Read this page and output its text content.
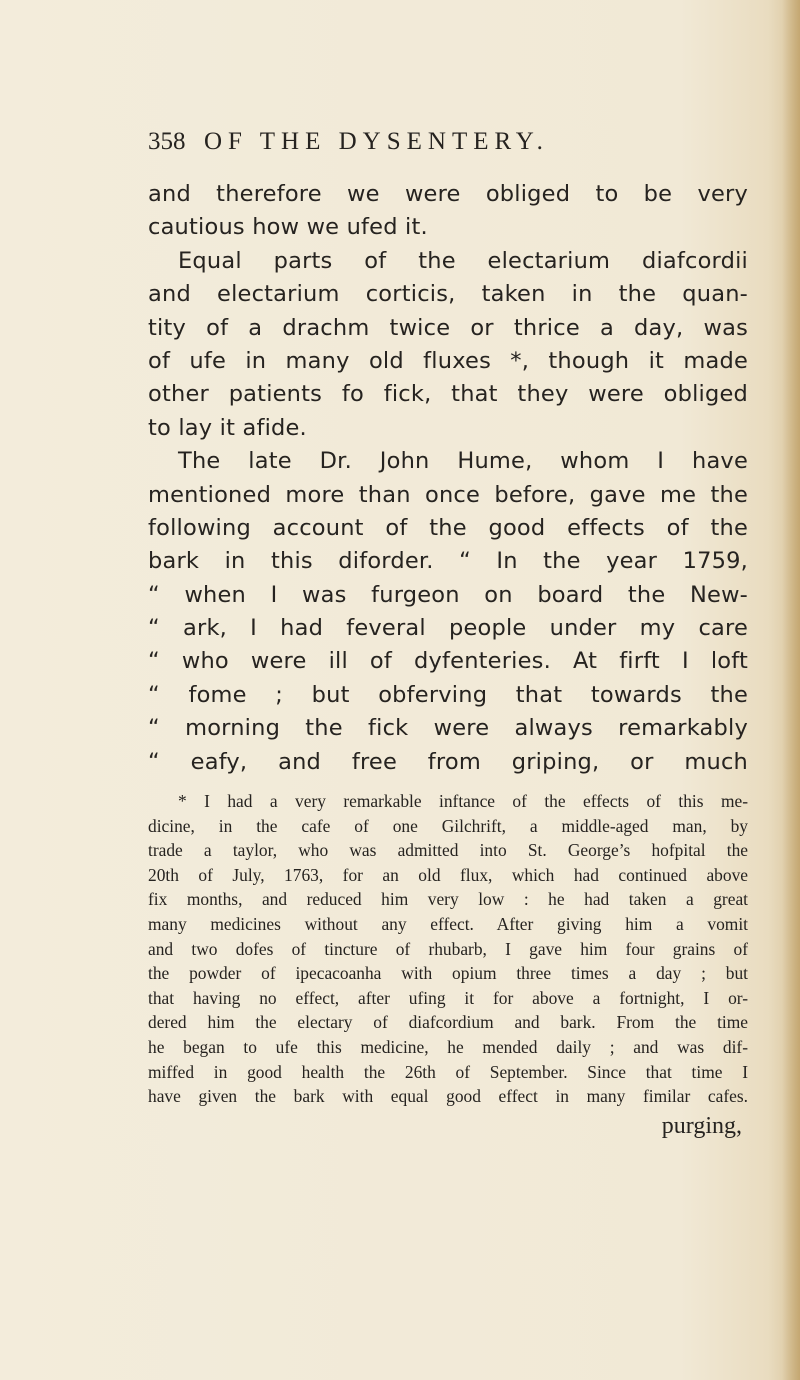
358 OF THE DYSENTERY.
and therefore we were obliged to be very
cautious how we ufed it.
Equal parts of the electarium diafcordii
and electarium corticis, taken in the quan-
tity of a drachm twice or thrice a day, was
of ufe in many old fluxes *, though it made
other patients fo fick, that they were obliged
to lay it afide.
The late Dr. John Hume, whom I have
mentioned more than once before, gave me the
following account of the good effects of the
bark in this diforder. “ In the year 1759,
“ when I was furgeon on board the New-
“ ark, I had feveral people under my care
“ who were ill of dyfenteries. At firft I loft
“ fome ; but obferving that towards the
“ morning the fick were always remarkably
“ eafy, and free from griping, or much
* I had a very remarkable inftance of the effects of this me-
dicine, in the cafe of one Gilchrift, a middle-aged man, by
trade a taylor, who was admitted into St. George’s hofpital the
20th of July, 1763, for an old flux, which had continued above
fix months, and reduced him very low : he had taken a great
many medicines without any effect. After giving him a vomit
and two dofes of tincture of rhubarb, I gave him four grains of
the powder of ipecacoanha with opium three times a day ; but
that having no effect, after ufing it for above a fortnight, I or-
dered him the electary of diafcordium and bark. From the time
he began to ufe this medicine, he mended daily ; and was dif-
miffed in good health the 26th of September. Since that time I
have given the bark with equal good effect in many fimilar cafes.
purging,
